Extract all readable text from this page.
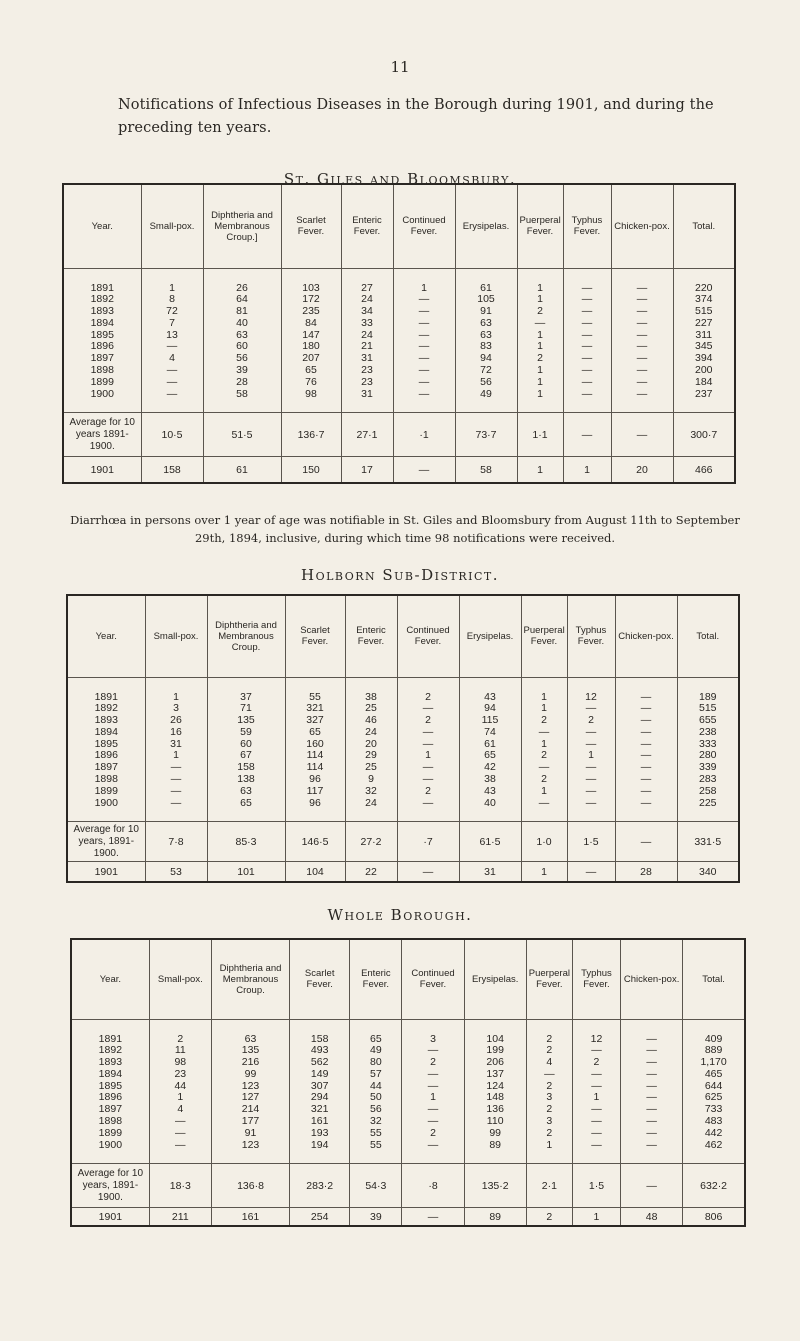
11
Notifications of Infectious Diseases in the Borough during 1901, and during the preceding ten years.
St. Giles and Bloomsbury.
Year.	Small-pox.	Diphtheria and Membranous Croup.]	Scarlet Fever.	Enteric Fever.	Continued Fever.	Erysipelas.	Puerperal Fever.	Typhus Fever.	Chicken-pox.	Total.

1891	1	26	103	27	1	61	1	—	—	220
1892	8	64	172	24	—	105	1	—	—	374
1893	72	81	235	34	—	91	2	—	—	515
1894	7	40	84	33	—	63	—	—	—	227
1895	13	63	147	24	—	63	1	—	—	311
1896	—	60	180	21	—	83	1	—	—	345
1897	4	56	207	31	—	94	2	—	—	394
1898	—	39	65	23	—	72	1	—	—	200
1899	—	28	76	23	—	56	1	—	—	184
1900	—	58	98	31	—	49	1	—	—	237

Average for 10 years 1891-1900.	10·5	51·5	136·7	27·1	·1	73·7	1·1	—	—	300·7
1901	158	61	150	17	—	58	1	1	20	466
Diarrhœa in persons over 1 year of age was notifiable in St. Giles and Bloomsbury from August 11th to September 29th, 1894, inclusive, during which time 98 notifications were received.
Holborn Sub-District.
Year.	Small-pox.	Diphtheria and Membranous Croup.	Scarlet Fever.	Enteric Fever.	Continued Fever.	Erysipelas.	Puerperal Fever.	Typhus Fever.	Chicken-pox.	Total.

1891	1	37	55	38	2	43	1	12	—	189
1892	3	71	321	25	—	94	1	—	—	515
1893	26	135	327	46	2	115	2	2	—	655
1894	16	59	65	24	—	74	—	—	—	238
1895	31	60	160	20	—	61	1	—	—	333
1896	1	67	114	29	1	65	2	1	—	280
1897	—	158	114	25	—	42	—	—	—	339
1898	—	138	96	9	—	38	2	—	—	283
1899	—	63	117	32	2	43	1	—	—	258
1900	—	65	96	24	—	40	—	—	—	225

Average for 10 years, 1891-1900.	7·8	85·3	146·5	27·2	·7	61·5	1·0	1·5	—	331·5
1901	53	101	104	22	—	31	1	—	28	340
Whole Borough.
Year.	Small-pox.	Diphtheria and Membranous Croup.	Scarlet Fever.	Enteric Fever.	Continued Fever.	Erysipelas.	Puerperal Fever.	Typhus Fever.	Chicken-pox.	Total.

1891	2	63	158	65	3	104	2	12	—	409
1892	11	135	493	49	—	199	2	—	—	889
1893	98	216	562	80	2	206	4	2	—	1,170
1894	23	99	149	57	—	137	—	—	—	465
1895	44	123	307	44	—	124	2	—	—	644
1896	1	127	294	50	1	148	3	1	—	625
1897	4	214	321	56	—	136	2	—	—	733
1898	—	177	161	32	—	110	3	—	—	483
1899	—	91	193	55	2	99	2	—	—	442
1900	—	123	194	55	—	89	1	—	—	462

Average for 10 years, 1891-1900.	18·3	136·8	283·2	54·3	·8	135·2	2·1	1·5	—	632·2
1901	211	161	254	39	—	89	2	1	48	806
